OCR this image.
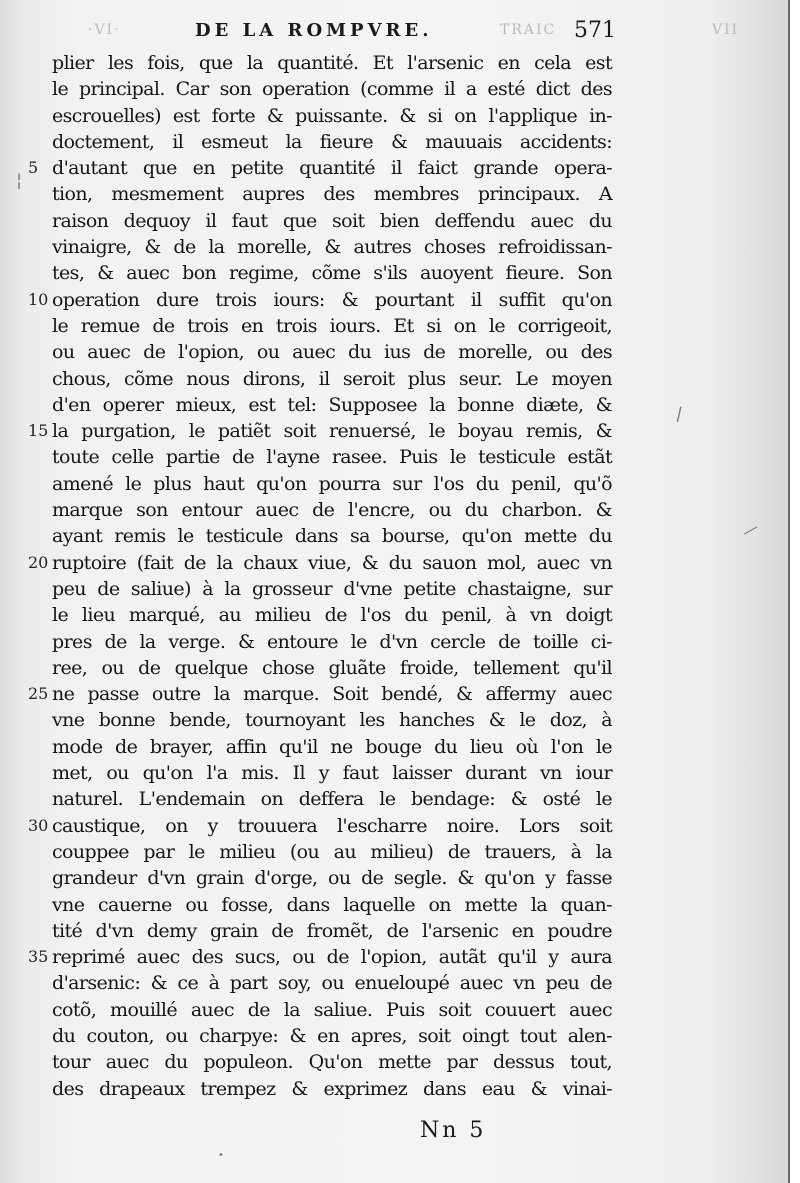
·VI·	DE LA ROMPVRE.	TRAIC 571	VII
plier les fois, que la quantité. Et l'arsenic en cela est
le principal. Car son operation (comme il a esté dict des
escrouelles) est forte & puissante. & si on l'applique in-
doctement, il esmeut la fieure & mauuais accidents:
d'autant que en petite quantité il faict grande opera-
5
tion, mesmement aupres des membres principaux. A
raison dequoy il faut que soit bien deffendu auec du
vinaigre, & de la morelle, & autres choses refroidissan-
tes, & auec bon regime, cõme s'ils auoyent fieure. Son
operation dure trois iours: & pourtant il suffit qu'on
10
le remue de trois en trois iours. Et si on le corrigeoit,
ou auec de l'opion, ou auec du ius de morelle, ou des
chous, cõme nous dirons, il seroit plus seur. Le moyen
d'en operer mieux, est tel: Supposee la bonne diæte, &
la purgation, le patiẽt soit renuersé, le boyau remis, &
15
toute celle partie de l'ayne rasee. Puis le testicule estãt
amené le plus haut qu'on pourra sur l'os du penil, qu'õ
marque son entour auec de l'encre, ou du charbon. &
ayant remis le testicule dans sa bourse, qu'on mette du
ruptoire (fait de la chaux viue, & du sauon mol, auec vn
20
peu de saliue) à la grosseur d'vne petite chastaigne, sur
le lieu marqué, au milieu de l'os du penil, à vn doigt
pres de la verge. & entoure le d'vn cercle de toille ci-
ree, ou de quelque chose gluãte froide, tellement qu'il
ne passe outre la marque. Soit bendé, & affermy auec
25
vne bonne bende, tournoyant les hanches & le doz, à
mode de brayer, affin qu'il ne bouge du lieu où l'on le
met, ou qu'on l'a mis. Il y faut laisser durant vn iour
naturel. L'endemain on deffera le bendage: & osté le
caustique, on y trouuera l'escharre noire. Lors soit
30
couppee par le milieu (ou au milieu) de trauers, à la
grandeur d'vn grain d'orge, ou de segle. & qu'on y fasse
vne cauerne ou fosse, dans laquelle on mette la quan-
tité d'vn demy grain de fromẽt, de l'arsenic en poudre
reprimé auec des sucs, ou de l'opion, autãt qu'il y aura
35
d'arsenic: & ce à part soy, ou enueloupé auec vn peu de
cotõ, mouillé auec de la saliue. Puis soit couuert auec
du couton, ou charpye: & en apres, soit oingt tout alen-
tour auec du populeon. Qu'on mette par dessus tout,
des drapeaux trempez & exprimez dans eau & vinai-
\
—
¦
•
Nn 5
